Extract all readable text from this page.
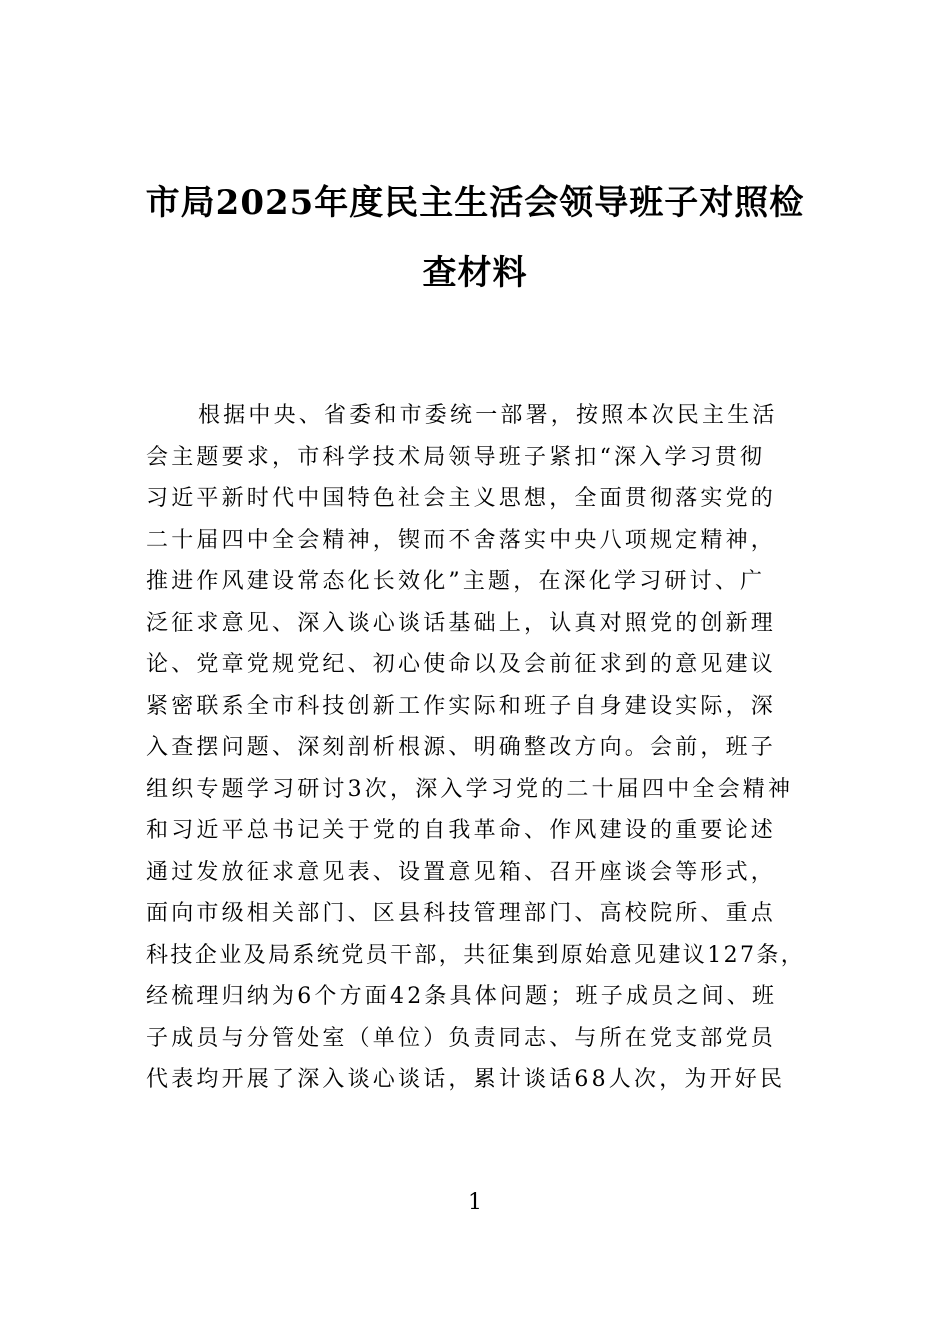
市局2025年度民主生活会领导班子对照检
查材料
根据中央、省委和市委统一部署，按照本次民主生活
会主题要求，市科学技术局领导班子紧扣“深入学习贯彻
习近平新时代中国特色社会主义思想，全面贯彻落实党的
二十届四中全会精神，锲而不舍落实中央八项规定精神，
推进作风建设常态化长效化”主题，在深化学习研讨、广
泛征求意见、深入谈心谈话基础上，认真对照党的创新理
论、党章党规党纪、初心使命以及会前征求到的意见建议
紧密联系全市科技创新工作实际和班子自身建设实际，深
入查摆问题、深刻剖析根源、明确整改方向。会前，班子
组织专题学习研讨3次，深入学习党的二十届四中全会精神
和习近平总书记关于党的自我革命、作风建设的重要论述
通过发放征求意见表、设置意见箱、召开座谈会等形式，
面向市级相关部门、区县科技管理部门、高校院所、重点
科技企业及局系统党员干部，共征集到原始意见建议127条，
经梳理归纳为6个方面42条具体问题；班子成员之间、班
子成员与分管处室（单位）负责同志、与所在党支部党员
代表均开展了深入谈心谈话，累计谈话68人次，为开好民
1
